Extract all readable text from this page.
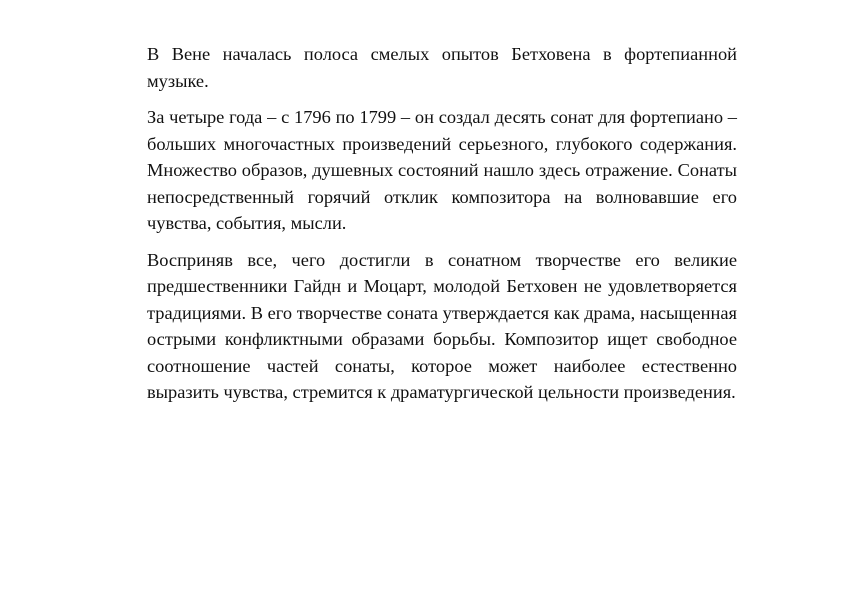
В Вене началась полоса смелых опытов Бетховена в фортепианной музыке.

За четыре года – с 1796 по 1799 – он создал десять сонат для фортепиано – больших многочастных произведений серьезного, глубокого содержания. Множество образов, душевных состояний нашло здесь отражение. Сонаты непосредственный горячий отклик композитора на волновавшие его чувства, события, мысли.

Восприняв все, чего достигли в сонатном творчестве его великие предшественники Гайдн и Моцарт, молодой Бетховен не удовлетворяется традициями. В его творчестве соната утверждается как драма, насыщенная острыми конфликтными образами борьбы. Композитор ищет свободное соотношение частей сонаты, которое может наиболее естественно выразить чувства, стремится к драматургической цельности произведения.
